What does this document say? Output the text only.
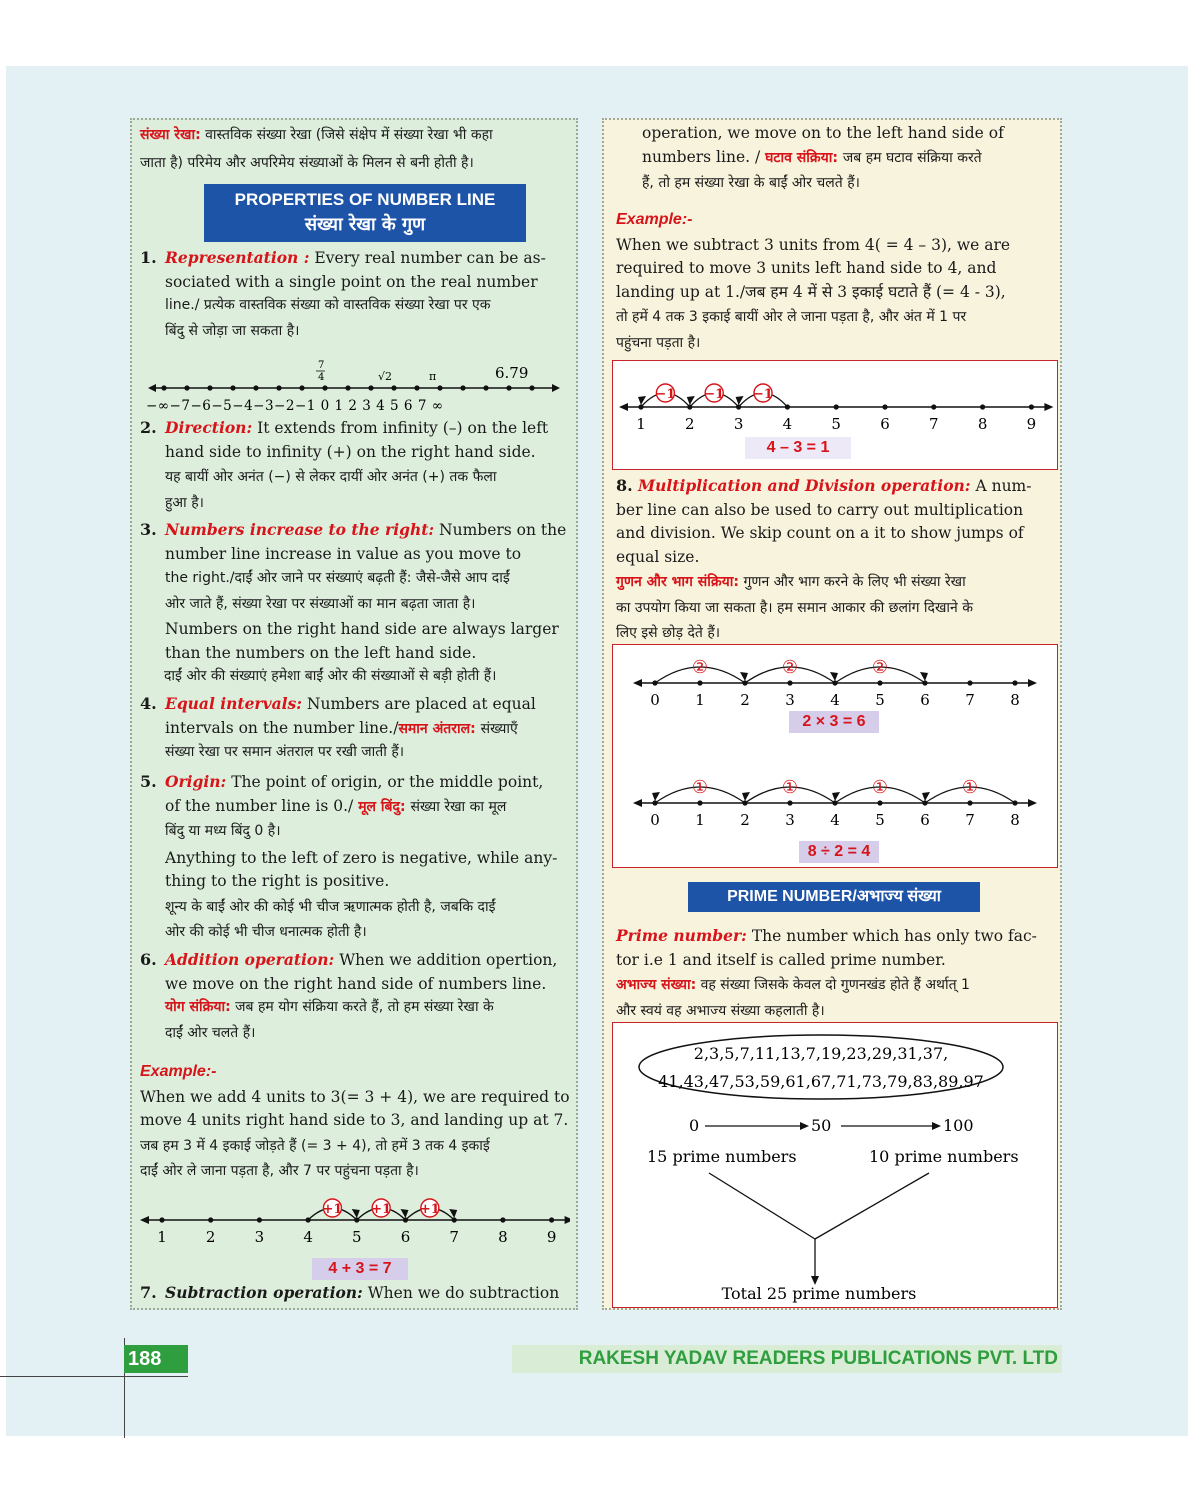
संख्या रेखा: वास्तविक संख्या रेखा (जिसे संक्षेप में संख्या रेखा भी कहा
जाता है) परिमेय और अपरिमेय संख्याओं के मिलन से बनी होती है।
PROPERTIES OF NUMBER LINE
संख्या रेखा के गुण
1. Representation : Every real number can be as-
sociated with a single point on the real number
line./ प्रत्येक वास्तविक संख्या को वास्तविक संख्या रेखा पर एक
बिंदु से जोड़ा जा सकता है।
7
4	√2	π	6.79
−∞−7−6−5−4−3−2−1 0 1 2 3 4 5 6 7 ∞
2. Direction: It extends from infinity (–) on the left
hand side to infinity (+) on the right hand side.
यह बायीं ओर अनंत (−) से लेकर दायीं ओर अनंत (+) तक फैला
हुआ है।
3. Numbers increase to the right: Numbers on the
number line increase in value as you move to
the right./दाईं ओर जाने पर संख्याएं बढ़ती हैं: जैसे-जैसे आप दाईं
ओर जाते हैं, संख्या रेखा पर संख्याओं का मान बढ़ता जाता है।
Numbers on the right hand side are always larger
than the numbers on the left hand side.
दाईं ओर की संख्याएं हमेशा बाईं ओर की संख्याओं से बड़ी होती हैं।
4. Equal intervals: Numbers are placed at equal
intervals on the number line./समान अंतराल: संख्याएँ
संख्या रेखा पर समान अंतराल पर रखी जाती हैं।
5. Origin: The point of origin, or the middle point,
of the number line is 0./ मूल बिंदु: संख्या रेखा का मूल
बिंदु या मध्य बिंदु 0 है।
Anything to the left of zero is negative, while any-
thing to the right is positive.
शून्य के बाईं ओर की कोई भी चीज ऋणात्मक होती है, जबकि दाईं
ओर की कोई भी चीज धनात्मक होती है।
6. Addition operation: When we addition opertion,
we move on the right hand side of numbers line.
योग संक्रिया: जब हम योग संक्रिया करते हैं, तो हम संख्या रेखा के
दाईं ओर चलते हैं।
Example:-
When we add 4 units to 3(= 3 + 4), we are required to
move 4 units right hand side to 3, and landing up at 7.
जब हम 3 में 4 इकाई जोड़ते हैं (= 3 + 4), तो हमें 3 तक 4 इकाई
दाईं ओर ले जाना पड़ता है, और 7 पर पहुंचना पड़ता है।
1	2	3	4	5	6	7	8	9
+1 +1 +1
4 + 3 = 7
7. Subtraction operation: When we do subtraction
operation, we move on to the left hand side of
numbers line. / घटाव संक्रिया: जब हम घटाव संक्रिया करते
हैं, तो हम संख्या रेखा के बाईं ओर चलते हैं।
Example:-
When we subtract 3 units from 4( = 4 – 3), we are
required to move 3 units left hand side to 4, and
landing up at 1./जब हम 4 में से 3 इकाई घटाते हैं (= 4 - 3),
तो हमें 4 तक 3 इकाई बायीं ओर ले जाना पड़ता है, और अंत में 1 पर
पहुंचना पड़ता है।
1	2	3	4	5	6	7	8	9
−1
−1
−1
4 – 3 = 1
8. Multiplication and Division operation: A num-
ber line can also be used to carry out multiplication
and division. We skip count on a it to show jumps of
equal size.
गुणन और भाग संक्रिया: गुणन और भाग करने के लिए भी संख्या रेखा
का उपयोग किया जा सकता है। हम समान आकार की छलांग दिखाने के
लिए इसे छोड़ देते हैं।
0 1 2 3 4 5 6 7 8
②	②	②
2 × 3 = 6
0 1 2 3 4 5 6 7 8
①
①
①
①
8 ÷ 2 = 4
PRIME NUMBER/अभाज्य संख्या
Prime number: The number which has only two fac-
tor i.e 1 and itself is called prime number.
अभाज्य संख्या: वह संख्या जिसके केवल दो गुणनखंड होते हैं अर्थात् 1
और स्वयं वह अभाज्य संख्या कहलाती है।
2,3,5,7,11,13,7,19,23,29,31,37,
41,43,47,53,59,61,67,71,73,79,83,89,97
0	50	100
15 prime numbers	10 prime numbers
Total 25 prime numbers
188	RAKESH YADAV READERS PUBLICATIONS PVT. LTD
